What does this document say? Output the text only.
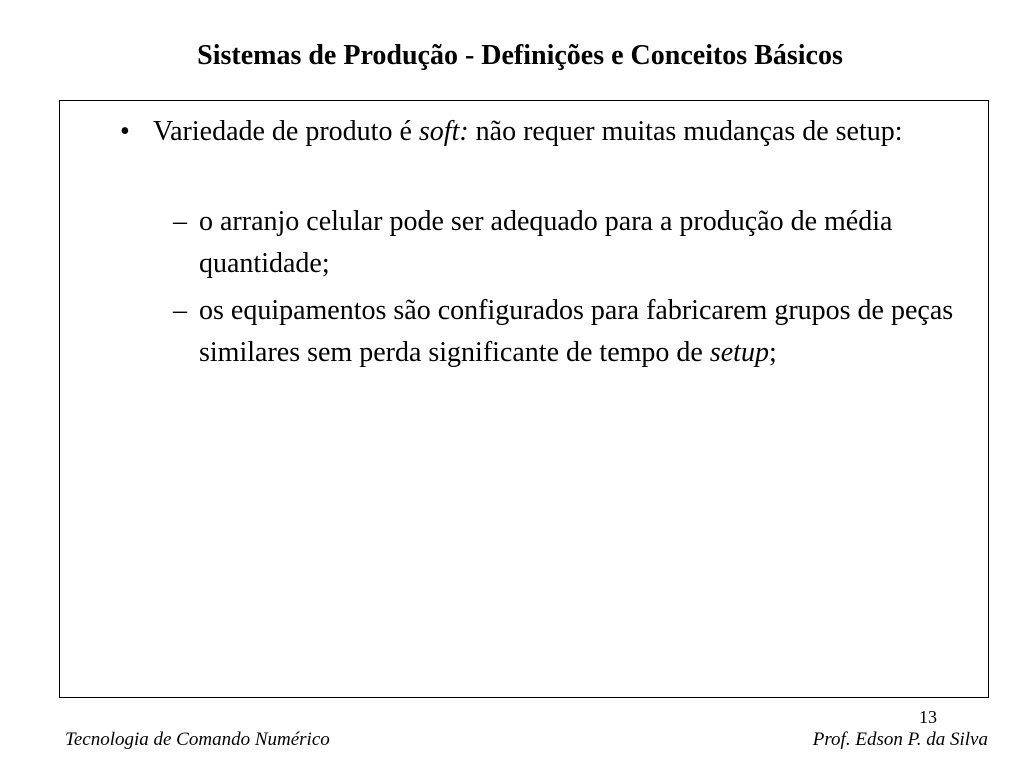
Sistemas de Produção - Definições e Conceitos Básicos
• Variedade de produto é soft: não requer muitas mudanças de setup:
– o arranjo celular pode ser adequado para a produção de média quantidade;
– os equipamentos são configurados para fabricarem grupos de peças similares sem perda significante de tempo de setup;
13
Tecnologia de Comando Numérico	Prof. Edson P. da Silva
